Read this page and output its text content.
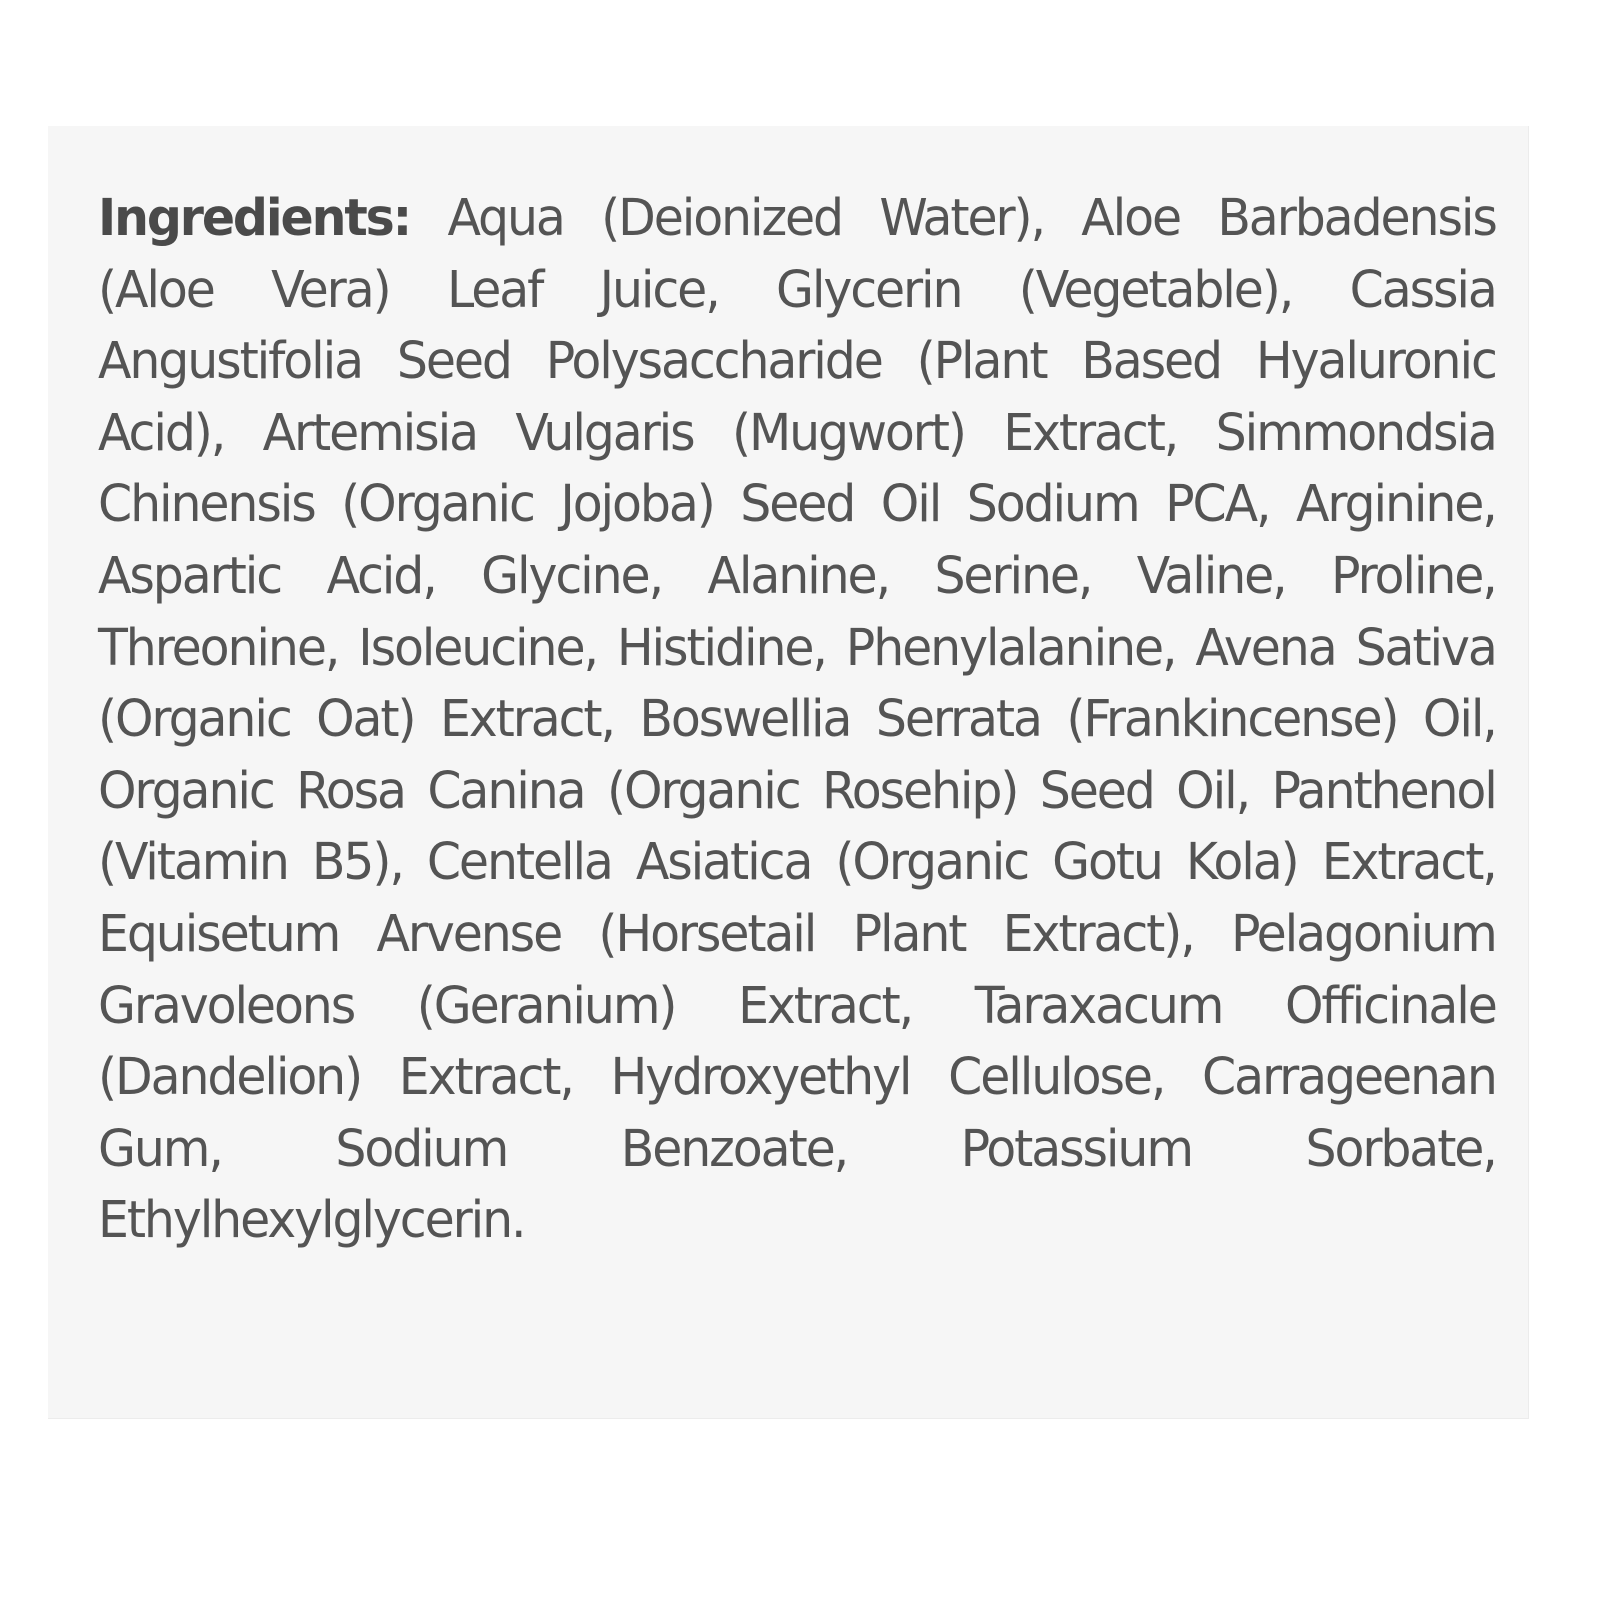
Ingredients: Aqua (Deionized Water), Aloe Barbadensis (Aloe Vera) Leaf Juice, Glycerin (Vegetable), Cassia Angustifolia Seed Polysaccharide (Plant Based Hyaluronic Acid), Artemisia Vulgaris (Mugwort) Extract, Simmondsia Chinensis (Organic Jojoba) Seed Oil Sodium PCA, Arginine, Aspartic Acid, Glycine, Alanine, Serine, Valine, Proline, Threonine, Isoleucine, Histidine, Phenylalanine, Avena Sativa (Organic Oat) Extract, Boswellia Serrata (Frankincense) Oil, Organic Rosa Canina (Organic Rosehip) Seed Oil, Panthenol (Vitamin B5), Centella Asiatica (Organic Gotu Kola) Extract, Equisetum Arvense (Horsetail Plant Extract), Pelagonium Gravoleons (Geranium) Extract, Taraxacum Officinale (Dandelion) Extract, Hydroxyethyl Cellulose, Carrageenan Gum, Sodium Benzoate, Potassium Sorbate, Ethylhexylglycerin.
